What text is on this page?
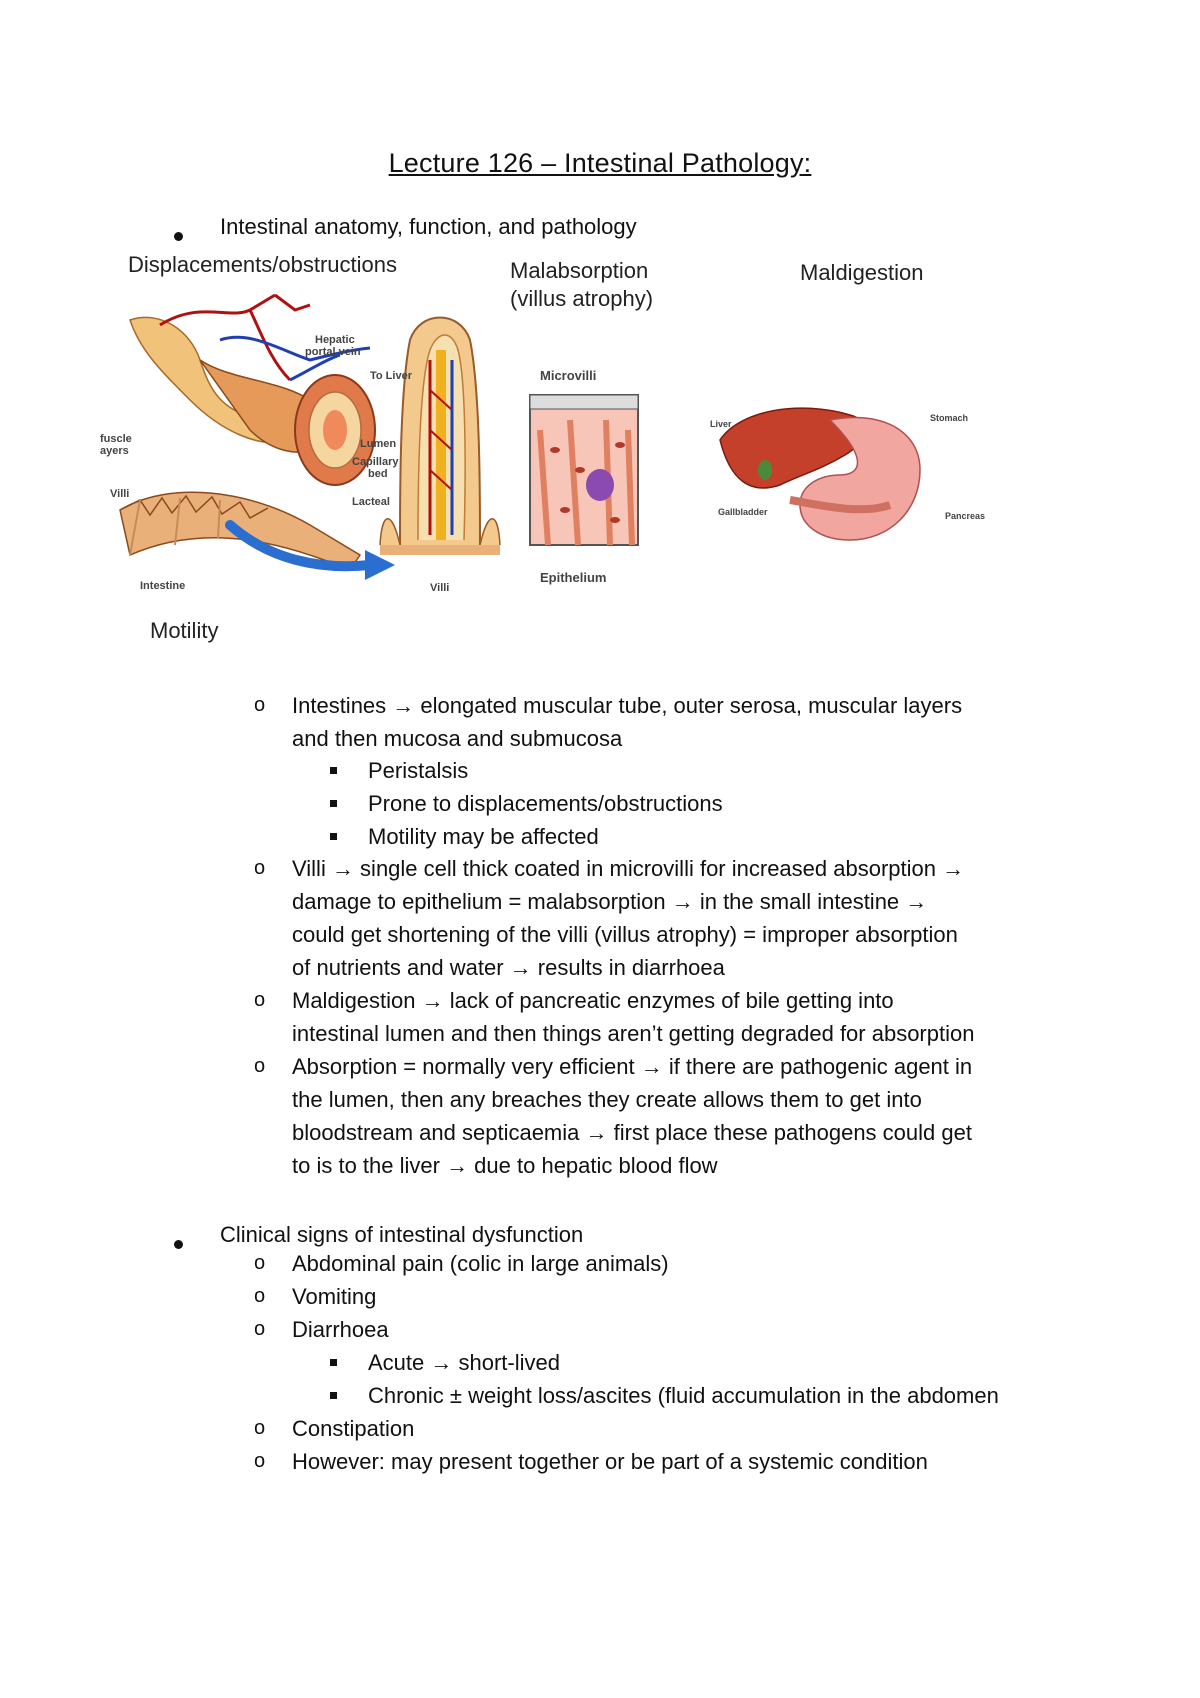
Lecture 126 – Intestinal Pathology:
Intestinal anatomy, function, and pathology
Displacements/obstructions	Malabsorption
(villus atrophy)
Maldigestion
Motility
Hepatic
portal vein
To Liver
fuscle
ayers
Lumen
Capillary
bed
Lacteal
Villi
Intestine	Villi
Microvilli
Epithelium
Liver
Stomach
Gallbladder	Pancreas
o Intestines → elongated muscular tube, outer serosa, muscular layers
and then mucosa and submucosa
Peristalsis
Prone to displacements/obstructions
Motility may be affected
o Villi → single cell thick coated in microvilli for increased absorption →
damage to epithelium = malabsorption → in the small intestine →
could get shortening of the villi (villus atrophy) = improper absorption
of nutrients and water → results in diarrhoea
o Maldigestion → lack of pancreatic enzymes of bile getting into
intestinal lumen and then things aren’t getting degraded for absorption
o Absorption = normally very efficient → if there are pathogenic agent in
the lumen, then any breaches they create allows them to get into
bloodstream and septicaemia → first place these pathogens could get
to is to the liver → due to hepatic blood flow
Clinical signs of intestinal dysfunction
o Abdominal pain (colic in large animals)
o Vomiting
o Diarrhoea
Acute → short-lived
Chronic ± weight loss/ascites (fluid accumulation in the abdomen
o Constipation
o However: may present together or be part of a systemic condition
